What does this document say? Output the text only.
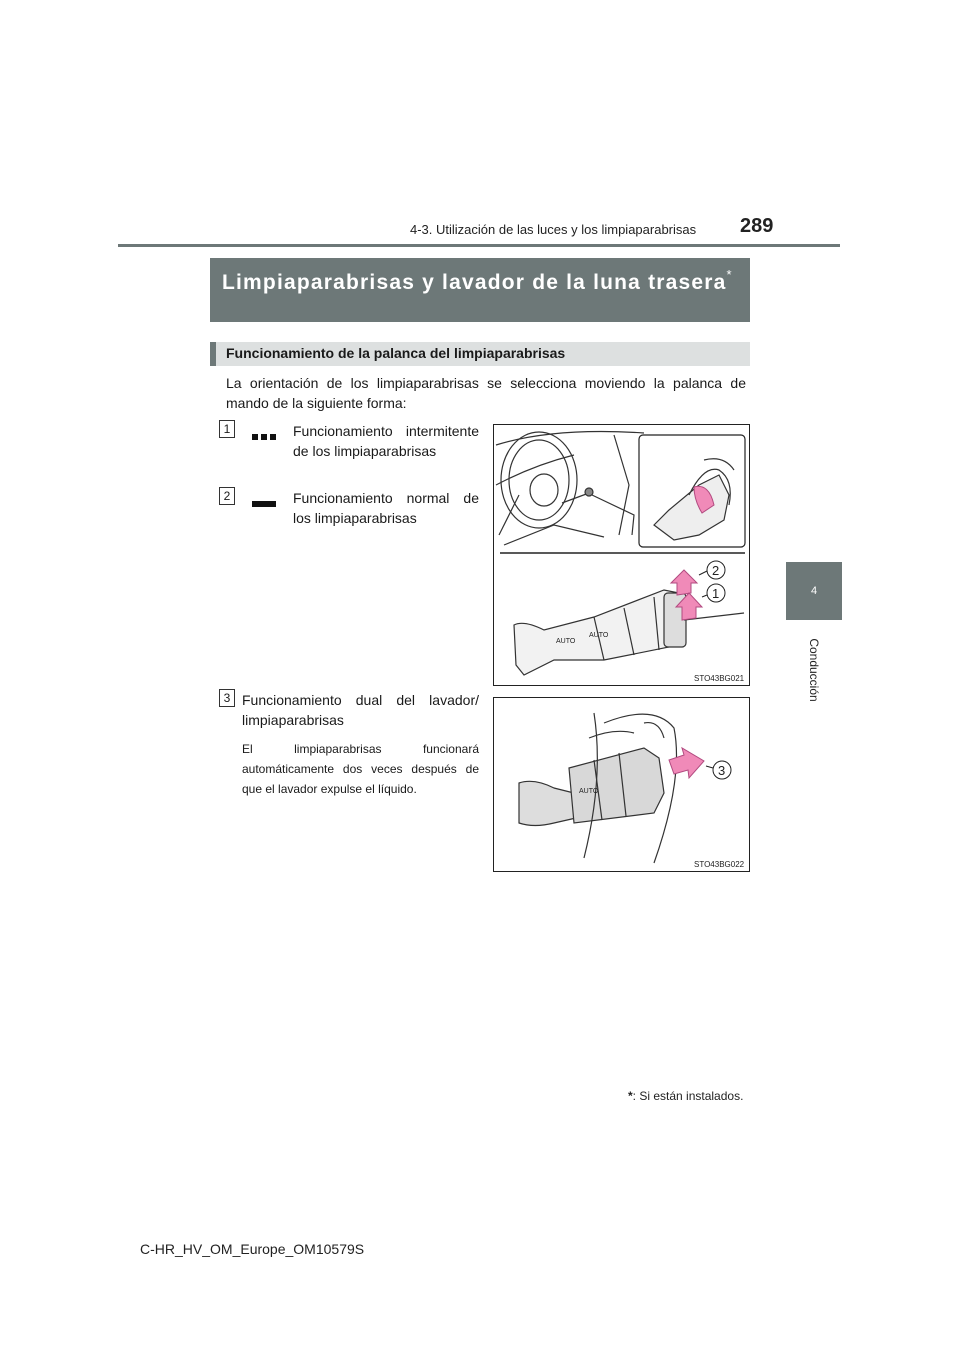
4-3. Utilización de las luces y los limpiaparabrisas 289
4
Conducción
Limpiaparabrisas y lavador de la luna trasera*
Funcionamiento de la palanca del limpiaparabrisas
La orientación de los limpiaparabrisas se selecciona moviendo la palanca de mando de la siguiente forma:
1	Funcionamiento intermitente de los limpiaparabrisas
2	Funcionamiento normal de los limpiaparabrisas
3 Funcionamiento dual del lavador/ limpiaparabrisas
El limpiaparabrisas funcionará automáticamente dos veces después de que el lavador expulse el líquido.
AUTO
AUTO
2
1
STO43BG021
AUTO
3
STO43BG022
*: Si están instalados.
C-HR_HV_OM_Europe_OM10579S
